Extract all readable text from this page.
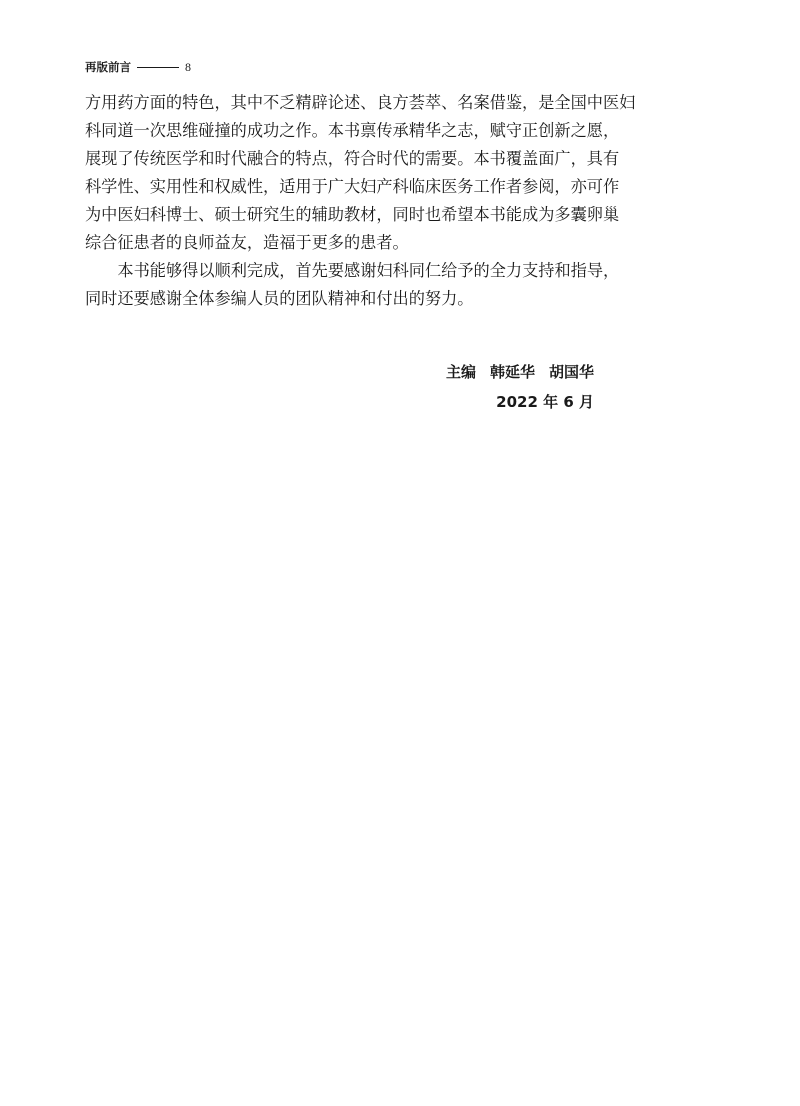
再版前言	8

方用药方面的特色，其中不乏精辟论述、良方荟萃、名案借鉴，是全国中医妇
科同道一次思维碰撞的成功之作。本书禀传承精华之志，赋守正创新之愿，
展现了传统医学和时代融合的特点，符合时代的需要。本书覆盖面广，具有
科学性、实用性和权威性，适用于广大妇产科临床医务工作者参阅，亦可作
为中医妇科博士、硕士研究生的辅助教材，同时也希望本书能成为多囊卵巢
综合征患者的良师益友，造福于更多的患者。

本书能够得以顺利完成，首先要感谢妇科同仁给予的全力支持和指导，
同时还要感谢全体参编人员的团队精神和付出的努力。

主编 韩延华 胡国华
2022 年 6 月
